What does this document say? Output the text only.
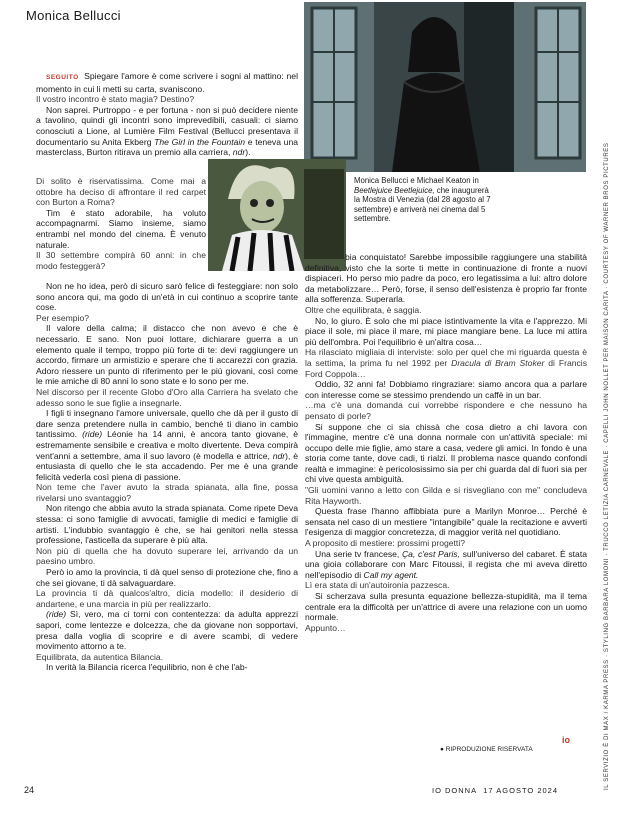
Monica Bellucci
Monica Bellucci e Michael Keaton in Beetlejuice Beetlejuice, che inaugurerà la Mostra di Venezia (dal 28 agosto al 7 settembre) e arriverà nei cinema dal 5 settembre.

SEGUITO Spiegare l'amore è come scrivere i sogni al mattino: nel momento in cui li metti su carta, svaniscono.

Il vostro incontro è stato magia? Destino?

Non saprei. Purtroppo - e per fortuna - non si può decidere niente a tavolino, quindi gli incontri sono imprevedibili, casuali: ci siamo conosciuti a Lione, al Lumière Film Festival (Bellucci presentava il documentario su Anita Ekberg The Girl in the Fountain e teneva una masterclass, Burton ritirava un premio alla carriera, ndr).

Di solito è riservatissima. Come mai a ottobre ha deciso di affrontare il red carpet con Burton a Roma?

Tim è stato adorabile, ha voluto accompagnarmi. Siamo insieme, siamo entrambi nel mondo del cinema. È venuto naturale.

Il 30 settembre compirà 60 anni: in che modo festeggerà?

Non ne ho idea, però di sicuro sarò felice di festeggiare: non solo sono ancora qui, ma godo di un'età in cui continuo a scoprire tante cose.

Per esempio?

Il valore della calma; il distacco che non avevo e che è necessario. E sano. Non puoi lottare, dichiarare guerra a un elemento quale il tempo, troppo più forte di te: devi raggiungere un accordo, firmare un armistizio e sperare che ti accarezzi con grazia. Adoro riessere un punto di riferimento per le più giovani, così come le mie amiche di 80 anni lo sono state e lo sono per me.

Nel discorso per il recente Globo d'Oro alla Carriera ha svelato che adesso sono le sue figlie a insegnarle.

I figli ti insegnano l'amore universale, quello che dà per il gusto di dare senza pretendere nulla in cambio, benché ti diano in cambio tantissimo. (ride) Léonie ha 14 anni, è ancora tanto giovane, è estremamente sensibile e creativa e molto divertente. Deva compirà vent'anni a settembre, ama il suo lavoro (è modella e attrice, ndr), è entusiasta di quello che le sta accadendo. Per me è una grande felicità vederla così piena di passione.

Non teme che l'aver avuto la strada spianata, alla fine, possa rivelarsi uno svantaggio?

Non ritengo che abbia avuto la strada spianata. Come ripete Deva stessa: ci sono famiglie di avvocati, famiglie di medici e famiglie di artisti. L'indubbio svantaggio è che, se hai genitori nella stessa professione, l'asticella da superare è più alta.

Non più di quella che ha dovuto superare lei, arrivando da un paesino umbro.

Però io amo la provincia, ti dà quel senso di protezione che, fino a che sei giovane, ti dà salvaguardare.

La provincia ti dà qualcos'altro, dicia modello: il desiderio di andartene, e una marcia in più per realizzarlo.

(ride) Sì, vero, ma ci torni con contentezza: da adulta apprezzi sapori, come lentezze e dolcezza, che da giovane non sopportavi, presa dalla voglia di scoprire e di avere scambi, di vedere movimento attorno a te.

Equilibrata, da autentica Bilancia.

In verità la Bilancia ricerca l'equilibrio, non è che l'ab-

bia conquistato! Sarebbe impossibile raggiungere una stabilità definitiva, visto che la sorte ti mette in continuazione di fronte a nuovi dispiaceri. Ho perso mio padre da poco, ero legatissima a lui: altro dolore da metabolizzare… Però, forse, il senso dell'esistenza è proprio far fronte alla sofferenza. Superarla.

Oltre che equilibrata, è saggia.

No, lo giuro. È solo che mi piace istintivamente la vita e l'apprezzo. Mi piace il sole, mi piace il mare, mi piace mangiare bene. La luce mi attira più dell'ombra. Poi l'equilibrio è un'altra cosa…

Ha rilasciato migliaia di interviste: solo per quel che mi riguarda questa è la settima, la prima fu nel 1992 per Dracula di Bram Stoker di Francis Ford Coppola…

Oddio, 32 anni fa! Dobbiamo ringraziare: siamo ancora qua a parlare con interesse come se stessimo prendendo un caffè in un bar.

…ma c'è una domanda cui vorrebbe rispondere e che nessuno ha pensato di porle?

Si suppone che ci sia chissà che cosa dietro a chi lavora con l'immagine, mentre c'è una donna normale con un'attività speciale: mi occupo delle mie figlie, amo stare a casa, vedere gli amici. In fondo è una storia come tante, dove cadi, ti rialzi. Il problema nasce quando confondi realtà e immagine: è pericolosissimo sia per chi guarda dal di fuori sia per chi vive questa ambiguità.

"Gli uomini vanno a letto con Gilda e si risvegliano con me" concludeva Rita Hayworth.

Questa frase l'hanno affibbiata pure a Marilyn Monroe… Perché è sensata nel caso di un mestiere "intangibile" quale la recitazione e avverti l'esigenza di maggior concretezza, di maggior verità nel quotidiano.

A proposito di mestiere: prossimi progetti?

Una serie tv francese, Ça, c'est Paris, sull'universo del cabaret. È stata una gioia collaborare con Marc Fitoussi, il regista che mi aveva diretto nell'episodio di Call my agent.

Lì era stata di un'autoironia pazzesca.

Si scherzava sulla presunta equazione bellezza-stupidità, ma il tema centrale era la difficoltà per un'attrice di avere una relazione con un uomo normale.

Appunto…

● RIPRODUZIONE RISERVATA
io	IL SERVIZIO È DI MAX / KARMA PRESS · STYLING BARBARA LOMONI · TRUCCO LETIZIA CARNEVALE · CAPELLI JOHN NOLLET PER MAISON CARITA · COURTESY OF WARNER BROS PICTURES
24	IO DONNA 17 AGOSTO 2024
